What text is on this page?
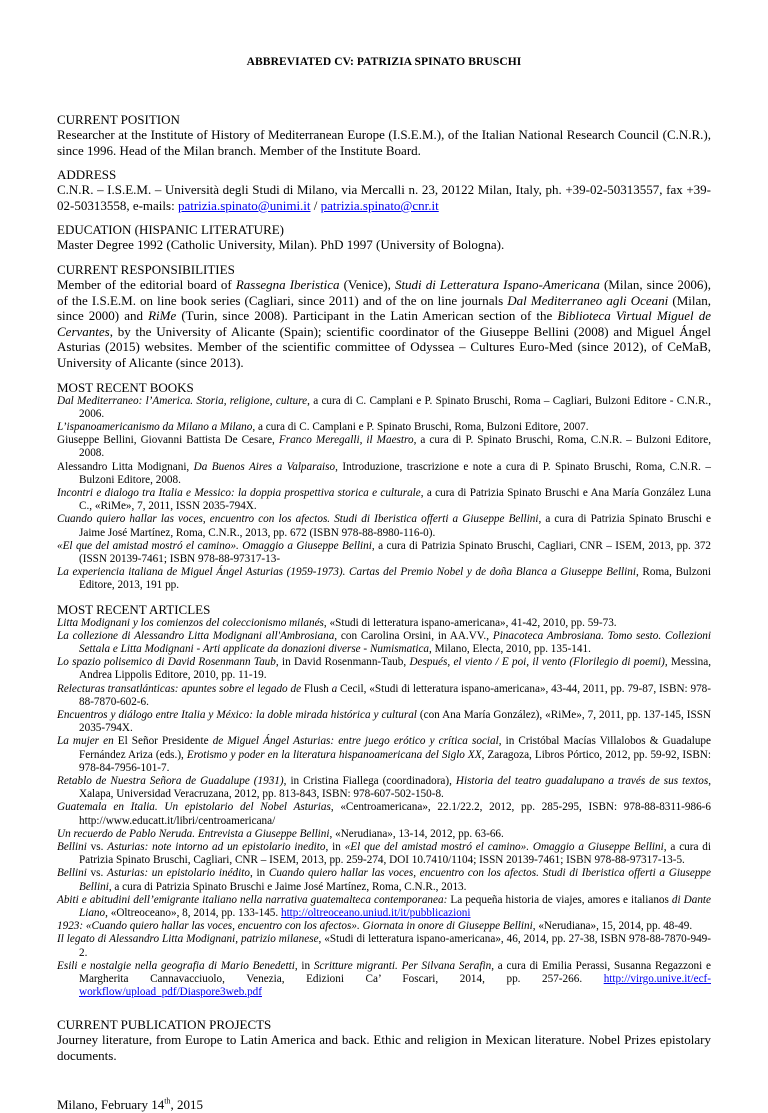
ABBREVIATED CV: PATRIZIA SPINATO BRUSCHI
CURRENT POSITION
Researcher at the Institute of History of Mediterranean Europe (I.S.E.M.), of the Italian National Research Council (C.N.R.), since 1996. Head of the Milan branch. Member of the Institute Board.
ADDRESS
C.N.R. – I.S.E.M. – Università degli Studi di Milano, via Mercalli n. 23, 20122 Milan, Italy, ph. +39-02-50313557, fax +39-02-50313558, e-mails: patrizia.spinato@unimi.it / patrizia.spinato@cnr.it
EDUCATION (HISPANIC LITERATURE)
Master Degree 1992 (Catholic University, Milan). PhD 1997 (University of Bologna).
CURRENT RESPONSIBILITIES
Member of the editorial board of Rassegna Iberistica (Venice), Studi di Letteratura Ispano-Americana (Milan, since 2006), of the I.S.E.M. on line book series (Cagliari, since 2011) and of the on line journals Dal Mediterraneo agli Oceani (Milan, since 2000) and RiMe (Turin, since 2008). Participant in the Latin American section of the Biblioteca Virtual Miguel de Cervantes, by the University of Alicante (Spain); scientific coordinator of the Giuseppe Bellini (2008) and Miguel Ángel Asturias (2015) websites. Member of the scientific committee of Odyssea – Cultures Euro-Med (since 2012), of CeMaB, University of Alicante (since 2013).
MOST RECENT BOOKS
Dal Mediterraneo: l’America. Storia, religione, culture, a cura di C. Camplani e P. Spinato Bruschi, Roma – Cagliari, Bulzoni Editore - C.N.R., 2006.
L’ispanoamericanismo da Milano a Milano, a cura di C. Camplani e P. Spinato Bruschi, Roma, Bulzoni Editore, 2007.
Giuseppe Bellini, Giovanni Battista De Cesare, Franco Meregalli, il Maestro, a cura di P. Spinato Bruschi, Roma, C.N.R. – Bulzoni Editore, 2008.
Alessandro Litta Modignani, Da Buenos Aires a Valparaiso, Introduzione, trascrizione e note a cura di P. Spinato Bruschi, Roma, C.N.R. – Bulzoni Editore, 2008.
Incontri e dialogo tra Italia e Messico: la doppia prospettiva storica e culturale, a cura di Patrizia Spinato Bruschi e Ana María González Luna C., «RiMe», 7, 2011, ISSN 2035-794X.
Cuando quiero hallar las voces, encuentro con los afectos. Studi di Iberistica offerti a Giuseppe Bellini, a cura di Patrizia Spinato Bruschi e Jaime José Martínez, Roma, C.N.R., 2013, pp. 672 (ISBN 978-88-8980-116-0).
«El que del amistad mostró el camino». Omaggio a Giuseppe Bellini, a cura di Patrizia Spinato Bruschi, Cagliari, CNR – ISEM, 2013, pp. 372 (ISSN 20139-7461; ISBN 978-88-97317-13-
La experiencia italiana de Miguel Ángel Asturias (1959-1973). Cartas del Premio Nobel y de doña Blanca a Giuseppe Bellini, Roma, Bulzoni Editore, 2013, 191 pp.
MOST RECENT ARTICLES
Litta Modignani y los comienzos del coleccionismo milanés, «Studi di letteratura ispano-americana», 41-42, 2010, pp. 59-73.
La collezione di Alessandro Litta Modignani all'Ambrosiana, con Carolina Orsini, in AA.VV., Pinacoteca Ambrosiana. Tomo sesto. Collezioni Settala e Litta Modignani - Arti applicate da donazioni diverse - Numismatica, Milano, Electa, 2010, pp. 135-141.
Lo spazio polisemico di David Rosenmann Taub, in David Rosenmann-Taub, Después, el viento / E poi, il vento (Florilegio di poemi), Messina, Andrea Lippolis Editore, 2010, pp. 11-19.
Relecturas transatlánticas: apuntes sobre el legado de Flush a Cecil, «Studi di letteratura ispano-americana», 43-44, 2011, pp. 79-87, ISBN: 978-88-7870-602-6.
Encuentros y diálogo entre Italia y México: la doble mirada histórica y cultural (con Ana María González), «RiMe», 7, 2011, pp. 137-145, ISSN 2035-794X.
La mujer en El Señor Presidente de Miguel Ángel Asturias: entre juego erótico y crítica social, in Cristóbal Macías Villalobos & Guadalupe Fernández Ariza (eds.), Erotismo y poder en la literatura hispanoamericana del Siglo XX, Zaragoza, Libros Pórtico, 2012, pp. 59-92, ISBN: 978-84-7956-101-7.
Retablo de Nuestra Señora de Guadalupe (1931), in Cristina Fiallega (coordinadora), Historia del teatro guadalupano a través de sus textos, Xalapa, Universidad Veracruzana, 2012, pp. 813-843, ISBN: 978-607-502-150-8.
Guatemala en Italia. Un epistolario del Nobel Asturias, «Centroamericana», 22.1/22.2, 2012, pp. 285-295, ISBN: 978-88-8311-986-6 http://www.educatt.it/libri/centroamericana/
Un recuerdo de Pablo Neruda. Entrevista a Giuseppe Bellini, «Nerudiana», 13-14, 2012, pp. 63-66.
Bellini vs. Asturias: note intorno ad un epistolario inedito, in «El que del amistad mostró el camino». Omaggio a Giuseppe Bellini, a cura di Patrizia Spinato Bruschi, Cagliari, CNR – ISEM, 2013, pp. 259-274, DOI 10.7410/1104; ISSN 20139-7461; ISBN 978-88-97317-13-5.
Bellini vs. Asturias: un epistolario inédito, in Cuando quiero hallar las voces, encuentro con los afectos. Studi di Iberistica offerti a Giuseppe Bellini, a cura di Patrizia Spinato Bruschi e Jaime José Martínez, Roma, C.N.R., 2013.
Abiti e abitudini dell’emigrante italiano nella narrativa guatemalteca contemporanea: La pequeña historia de viajes, amores e italianos di Dante Liano, «Oltreoceano», 8, 2014, pp. 133-145. http://oltreoceano.uniud.it/it/pubblicazioni
1923: «Cuando quiero hallar las voces, encuentro con los afectos». Giornata in onore di Giuseppe Bellini, «Nerudiana», 15, 2014, pp. 48-49.
Il legato di Alessandro Litta Modignani, patrizio milanese, «Studi di letteratura ispano-americana», 46, 2014, pp. 27-38, ISBN 978-88-7870-949-2.
Esili e nostalgie nella geografia di Mario Benedetti, in Scritture migranti. Per Silvana Serafin, a cura di Emilia Perassi, Susanna Regazzoni e Margherita Cannavacciuolo, Venezia, Edizioni Ca’ Foscari, 2014, pp. 257-266. http://virgo.unive.it/ecf-workflow/upload_pdf/Diaspore3web.pdf
CURRENT PUBLICATION PROJECTS
Journey literature, from Europe to Latin America and back. Ethic and religion in Mexican literature. Nobel Prizes epistolary documents.
Milano, February 14th, 2015
